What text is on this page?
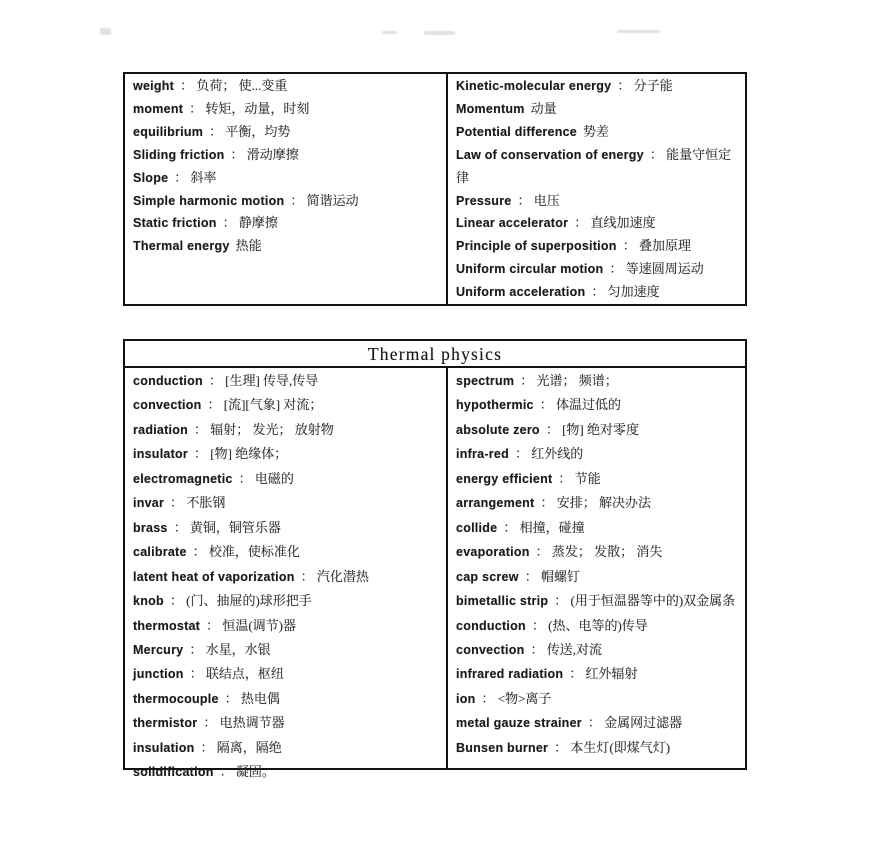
weight ： 负荷； 使...变重
moment ： 转矩，动量，时刻
equilibrium ： 平衡，均势
Sliding friction ： 滑动摩擦
Slope ： 斜率
Simple harmonic motion ： 简谐运动
Static friction ： 静摩擦
Thermal energy 热能
Kinetic-molecular energy ： 分子能
Momentum 动量
Potential difference 势差
Law of conservation of energy ： 能量守恒定律
Pressure ： 电压
Linear accelerator ： 直线加速度
Principle of superposition ： 叠加原理
Uniform circular motion ： 等速圆周运动
Uniform acceleration ： 匀加速度
Thermal physics
conduction ： [生理] 传导,传导
convection ： [流][气象] 对流；
radiation ： 辐射； 发光； 放射物
insulator ： [物] 绝缘体；
electromagnetic ： 电磁的
invar ： 不胀钢
brass ： 黄铜，铜管乐器
calibrate ： 校准，使标准化
latent heat of vaporization ： 汽化潜热
knob ： (门、抽屉的)球形把手
thermostat ： 恒温(调节)器
Mercury ： 水星，水银
junction ： 联结点，枢纽
thermocouple ： 热电偶
thermistor ： 电热调节器
insulation ： 隔离，隔绝
solidification ： 凝固。
spectrum ： 光谱； 频谱；
hypothermic ： 体温过低的
absolute zero ： [物] 绝对零度
infra-red ： 红外线的
energy efficient ： 节能
arrangement ： 安排； 解决办法
collide ： 相撞，碰撞
evaporation ： 蒸发； 发散； 消失
cap screw ： 帽螺钉
bimetallic strip ： (用于恒温器等中的)双金属条
conduction ： (热、电等的)传导
convection ： 传送,对流
infrared radiation ： 红外辐射
ion ： <物>离子
metal gauze strainer ： 金属网过滤器
Bunsen burner ： 本生灯(即煤气灯)
